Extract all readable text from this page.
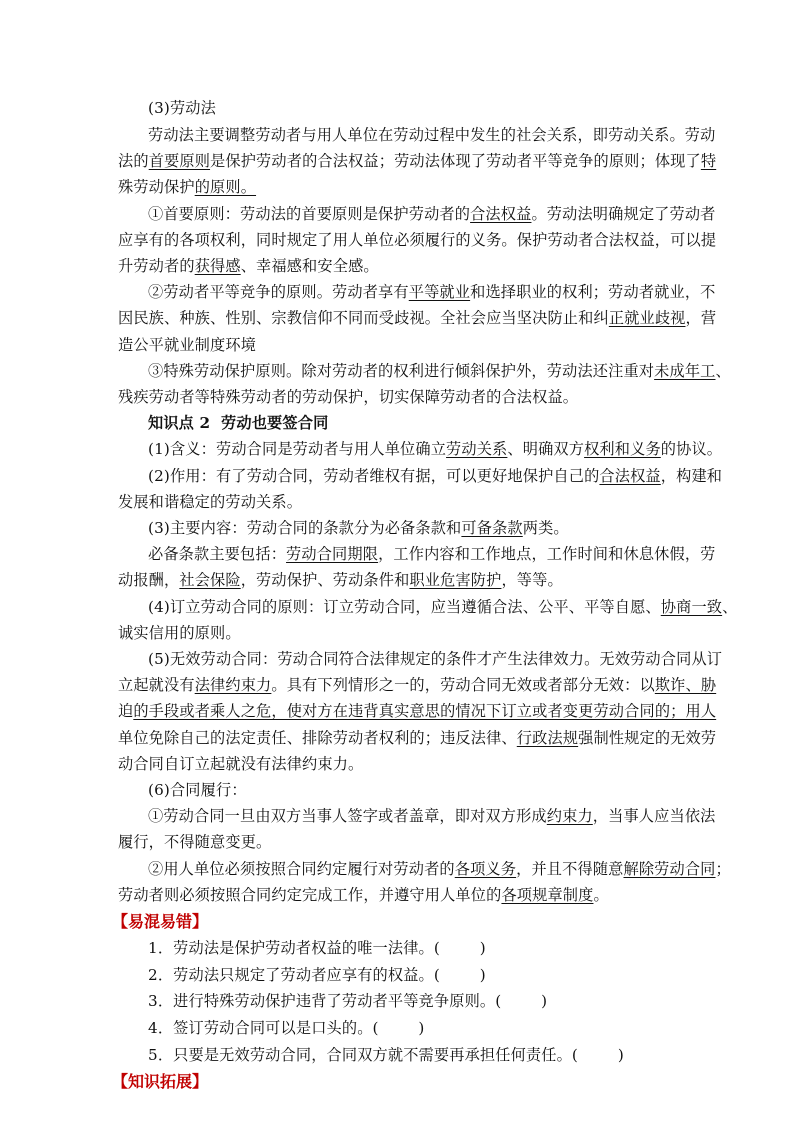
(3)劳动法
劳动法主要调整劳动者与用人单位在劳动过程中发生的社会关系，即劳动关系。劳动
法的首要原则是保护劳动者的合法权益；劳动法体现了劳动者平等竞争的原则；体现了特
殊劳动保护的原则。
①首要原则：劳动法的首要原则是保护劳动者的合法权益。劳动法明确规定了劳动者
应享有的各项权利，同时规定了用人单位必须履行的义务。保护劳动者合法权益，可以提
升劳动者的获得感、幸福感和安全感。
②劳动者平等竞争的原则。劳动者享有平等就业和选择职业的权利；劳动者就业，不
因民族、种族、性别、宗教信仰不同而受歧视。全社会应当坚决防止和纠正就业歧视，营
造公平就业制度环境
③特殊劳动保护原则。除对劳动者的权利进行倾斜保护外，劳动法还注重对未成年工、
残疾劳动者等特殊劳动者的劳动保护，切实保障劳动者的合法权益。
知识点 2  劳动也要签合同
(1)含义：劳动合同是劳动者与用人单位确立劳动关系、明确双方权利和义务的协议。
(2)作用：有了劳动合同，劳动者维权有据，可以更好地保护自己的合法权益，构建和
发展和谐稳定的劳动关系。
(3)主要内容：劳动合同的条款分为必备条款和可备条款两类。
必备条款主要包括：劳动合同期限，工作内容和工作地点，工作时间和休息休假，劳
动报酬，社会保险，劳动保护、劳动条件和职业危害防护，等等。
(4)订立劳动合同的原则：订立劳动合同，应当遵循合法、公平、平等自愿、协商一致、
诚实信用的原则。
(5)无效劳动合同：劳动合同符合法律规定的条件才产生法律效力。无效劳动合同从订
立起就没有法律约束力。具有下列情形之一的，劳动合同无效或者部分无效：以欺诈、胁
迫的手段或者乘人之危，使对方在违背真实意思的情况下订立或者变更劳动合同的；用人
单位免除自己的法定责任、排除劳动者权利的；违反法律、行政法规强制性规定的无效劳
动合同自订立起就没有法律约束力。
(6)合同履行：
①劳动合同一旦由双方当事人签字或者盖章，即对双方形成约束力，当事人应当依法
履行，不得随意变更。
②用人单位必须按照合同约定履行对劳动者的各项义务，并且不得随意解除劳动合同；
劳动者则必须按照合同约定完成工作，并遵守用人单位的各项规章制度。
【易混易错】
1．劳动法是保护劳动者权益的唯一法律。(        )
2．劳动法只规定了劳动者应享有的权益。(        )
3．进行特殊劳动保护违背了劳动者平等竞争原则。(        )
4．签订劳动合同可以是口头的。(        )
5．只要是无效劳动合同，合同双方就不需要再承担任何责任。(        )
【知识拓展】
